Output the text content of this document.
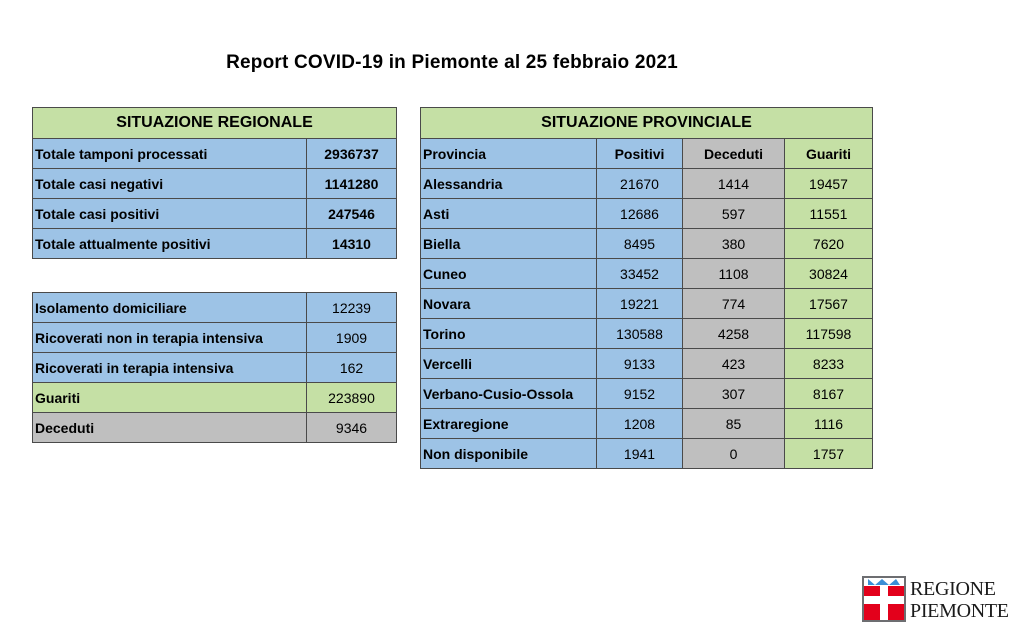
Report COVID-19 in Piemonte al 25 febbraio 2021
SITUAZIONE REGIONALE	
Totale tamponi processati	2936737
Totale casi negativi	1141280
Totale casi positivi	247546
Totale attualmente positivi	14310
Isolamento domiciliare	12239
Ricoverati non in terapia intensiva	1909
Ricoverati in terapia intensiva	162
Guariti	223890
Deceduti	9346
SITUAZIONE PROVINCIALE			
Provincia	Positivi	Deceduti	Guariti
Alessandria	21670	1414	19457
Asti	12686	597	11551
Biella	8495	380	7620
Cuneo	33452	1108	30824
Novara	19221	774	17567
Torino	130588	4258	117598
Vercelli	9133	423	8233
Verbano-Cusio-Ossola	9152	307	8167
Extraregione	1208	85	1116
Non disponibile	1941	0	1757
REGIONE
PIEMONTE
